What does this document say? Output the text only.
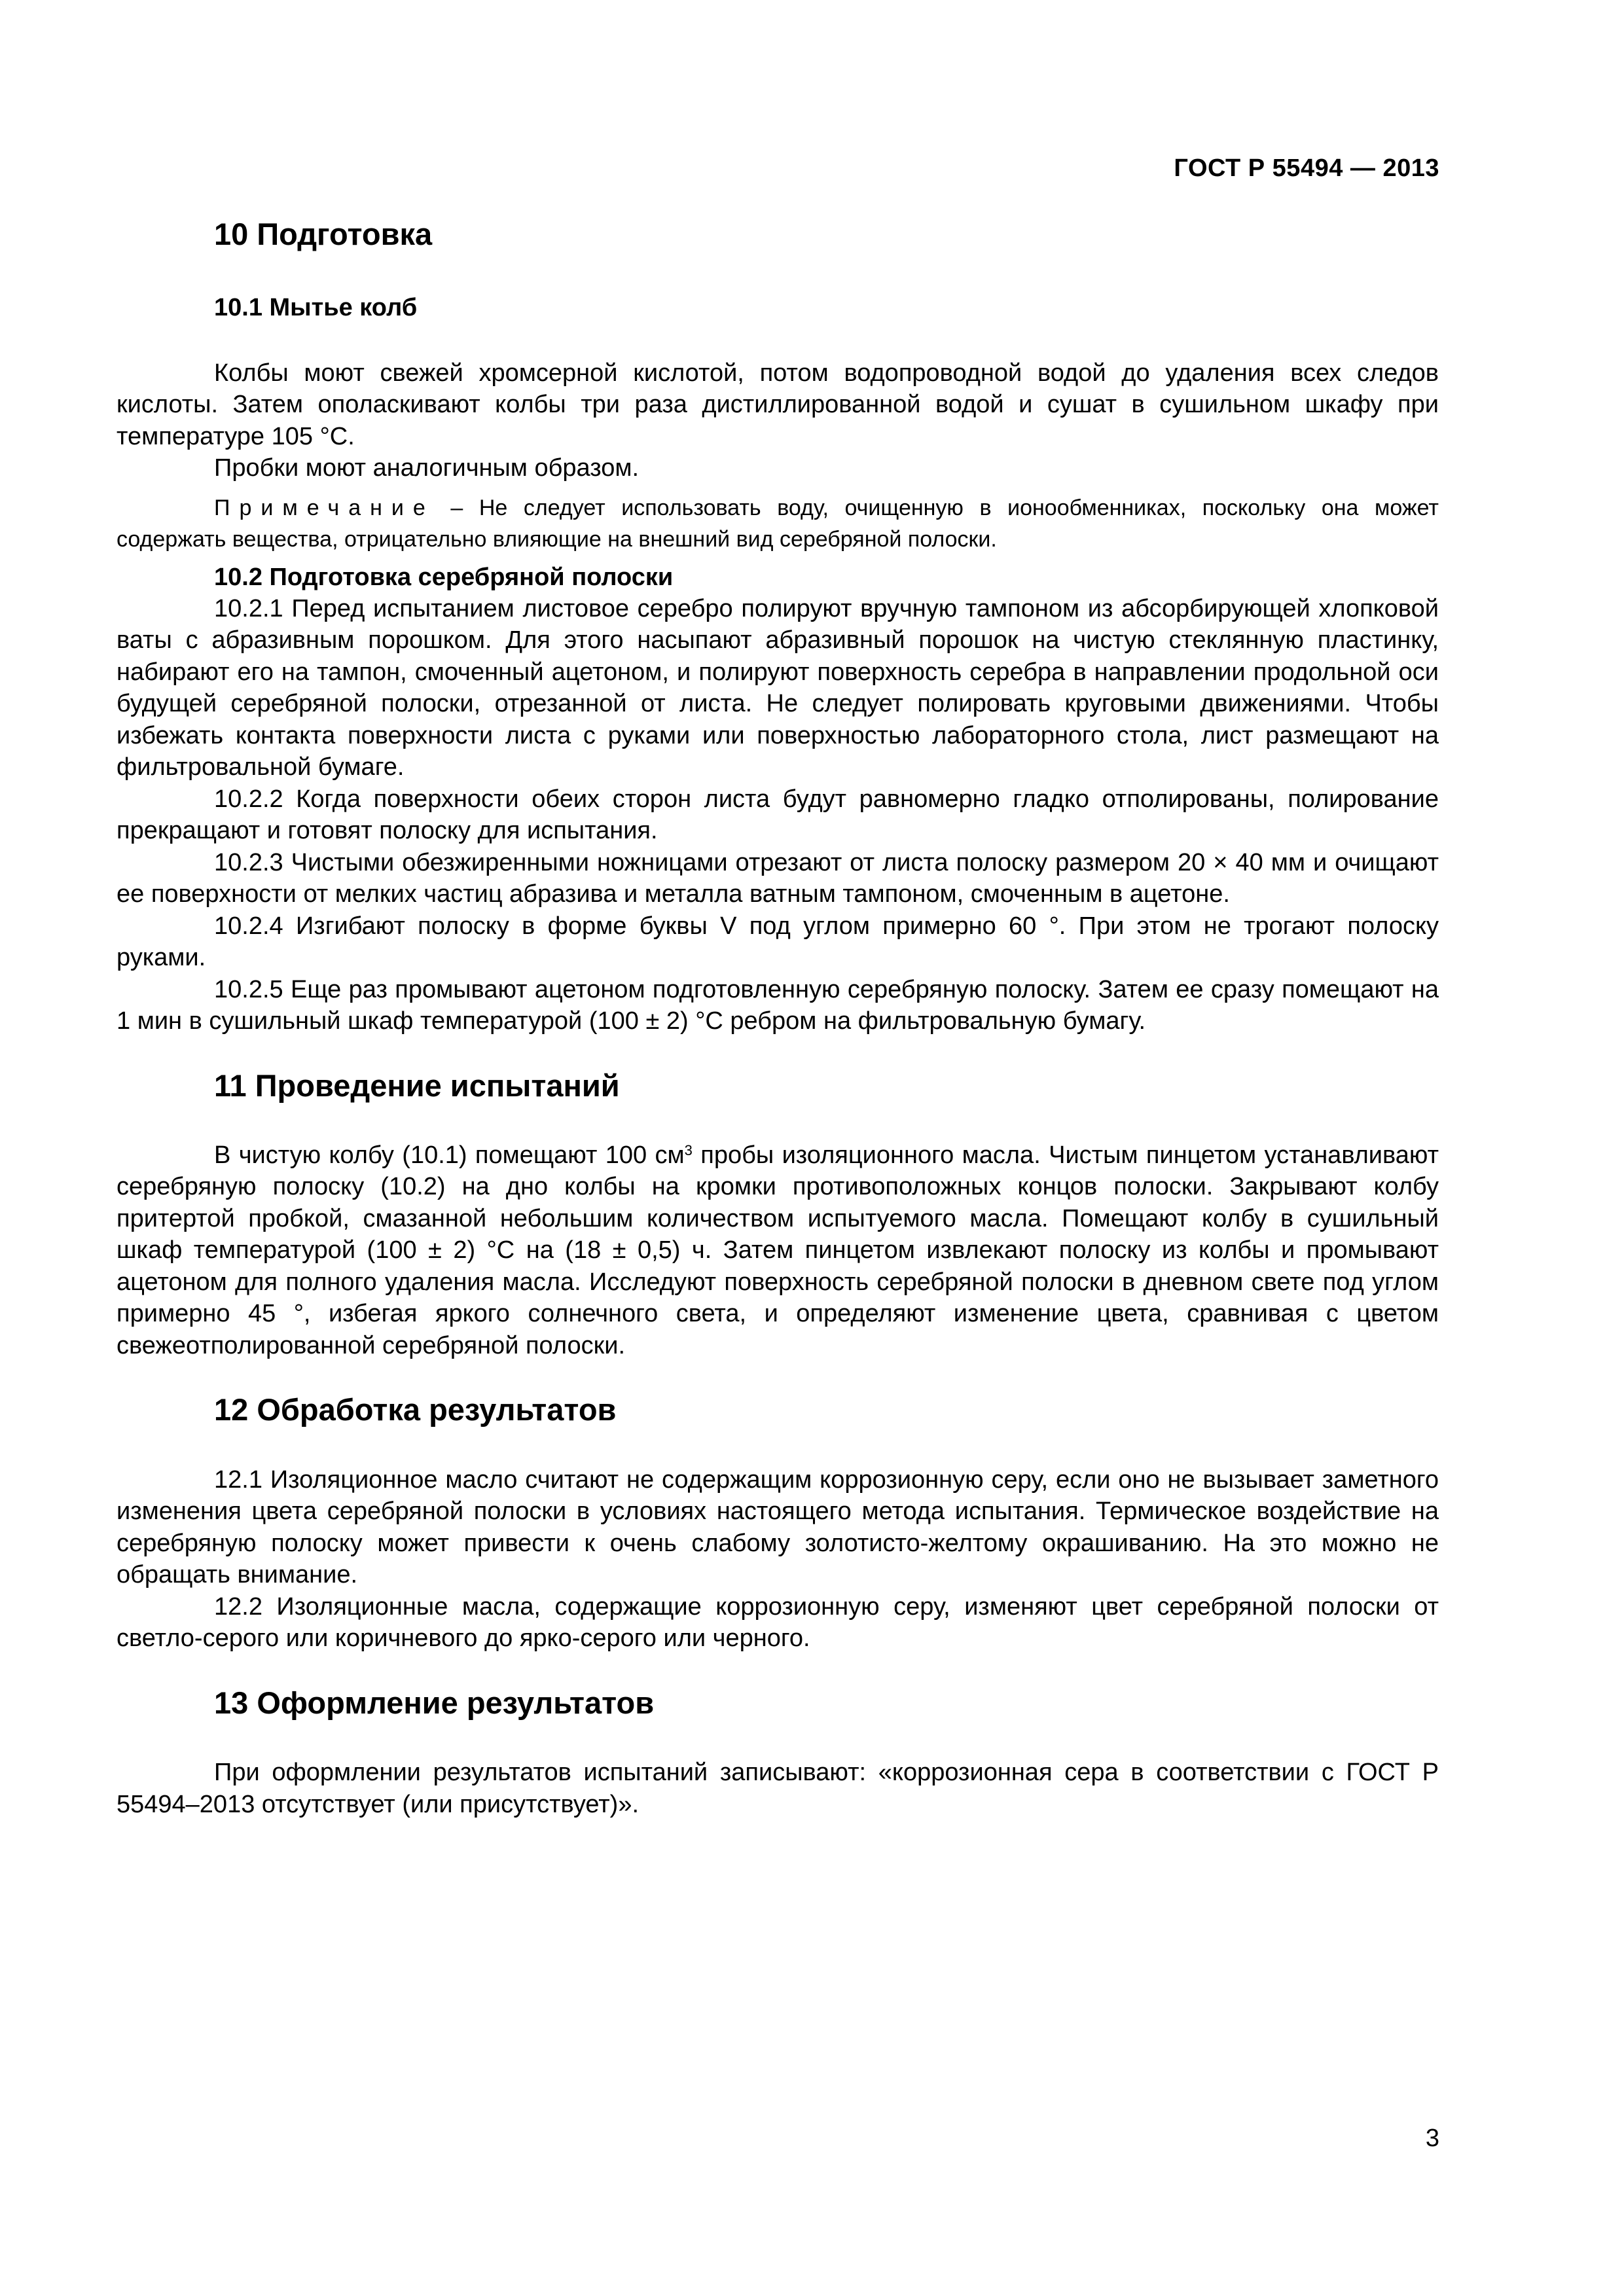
ГОСТ Р 55494 — 2013
10 Подготовка
10.1 Мытье колб

Колбы моют свежей хромсерной кислотой, потом водопроводной водой до удаления всех следов кислоты. Затем ополаскивают колбы три раза дистиллированной водой и сушат в сушильном шкафу при температуре 105 °С.

Пробки моют аналогичным образом.

Примечание – Не следует использовать воду, очищенную в ионообменниках, поскольку она может содержать вещества, отрицательно влияющие на внешний вид серебряной полоски.

10.2 Подготовка серебряной полоски

10.2.1 Перед испытанием листовое серебро полируют вручную тампоном из абсорбирующей хлопковой ваты с абразивным порошком. Для этого насыпают абразивный порошок на чистую стеклянную пластинку, набирают его на тампон, смоченный ацетоном, и полируют поверхность серебра в направлении продольной оси будущей серебряной полоски, отрезанной от листа. Не следует полировать круговыми движениями. Чтобы избежать контакта поверхности листа с руками или поверхностью лабораторного стола, лист размещают на фильтровальной бумаге.

10.2.2 Когда поверхности обеих сторон листа будут равномерно гладко отполированы, полирование прекращают и готовят полоску для испытания.

10.2.3 Чистыми обезжиренными ножницами отрезают от листа полоску размером 20 × 40 мм и очищают ее поверхности от мелких частиц абразива и металла ватным тампоном, смоченным в ацетоне.

10.2.4 Изгибают полоску в форме буквы V под углом примерно 60 °. При этом не трогают полоску руками.

10.2.5 Еще раз промывают ацетоном подготовленную серебряную полоску. Затем ее сразу помещают на 1 мин в сушильный шкаф температурой (100 ± 2) °С ребром на фильтровальную бумагу.

11 Проведение испытаний

В чистую колбу (10.1) помещают 100 $см^3$ пробы изоляционного масла. Чистым пинцетом устанавливают серебряную полоску (10.2) на дно колбы на кромки противоположных концов полоски. Закрывают колбу притертой пробкой, смазанной небольшим количеством испытуемого масла. Помещают колбу в сушильный шкаф температурой (100 ± 2) °С на (18 ± 0,5) ч. Затем пинцетом извлекают полоску из колбы и промывают ацетоном для полного удаления масла. Исследуют поверхность серебряной полоски в дневном свете под углом примерно 45 °, избегая яркого солнечного света, и определяют изменение цвета, сравнивая с цветом свежеотполированной серебряной полоски.

12 Обработка результатов

12.1 Изоляционное масло считают не содержащим коррозионную серу, если оно не вызывает заметного изменения цвета серебряной полоски в условиях настоящего метода испытания. Термическое воздействие на серебряную полоску может привести к очень слабому золотисто-желтому окрашиванию. На это можно не обращать внимание.

12.2 Изоляционные масла, содержащие коррозионную серу, изменяют цвет серебряной полоски от светло-серого или коричневого до ярко-серого или черного.

13 Оформление результатов

При оформлении результатов испытаний записывают: «коррозионная сера в соответствии с ГОСТ Р 55494–2013 отсутствует (или присутствует)».

3
